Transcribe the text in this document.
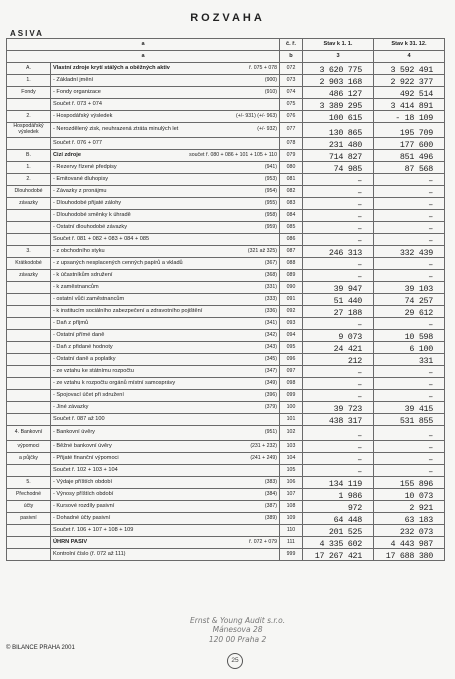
ROZVAHA
ASIVA
a		č. ř.	Stav k 1. 1.	Stav k 31. 12.
a		b	3	4
A.	Vlastní zdroje krytí stálých a oběžných aktiv ř. 075 + 078	072	3 620 775	3 592 491
1.	- Základní jmění (900)	073	2 903 168	2 922 377
Fondy	- Fondy organizace (910)	074	486 127	492 514

	Součet ř. 073 + 074	075	3 389 295	3 414 891
2.	- Hospodářský výsledek (+/- 931) (+/- 963)	076	100 615	- 18 109
Hospodářský výsledek	- Nerozdělený zisk, neuhrazená ztráta minulých let (+/- 932)	077	130 865	195 709

	Součet ř. 076 + 077	078	231 480	177 600
B.	Cizí zdroje součet ř. 080 + 086 + 101 + 105 + 110	079	714 827	851 496
1.	- Rezervy řízené předpisy (941)	080	74 985	87 568
2.	- Emitované dluhopisy (953)	081	–	–
Dlouhodobé	- Závazky z pronájmu (954)	082	–	–
závazky	- Dlouhodobé přijaté zálohy (955)	083	–	–

	- Dlouhodobé směnky k úhradě (958)	084	–	–

	- Ostatní dlouhodobé závazky (959)	085	–	–

	Součet ř. 081 + 082 + 083 + 084 + 085	086	–	–
3.	- z obchodního styku (321 až 325)	087	246 313	332 439
Krátkodobé	- z upsaných nesplacených cenných papírů a vkladů (367)	088	–	–
závazky	- k účastníkům sdružení (368)	089	–	–

	- k zaměstnancům (331)	090	39 947	39 103

	- ostatní vůči zaměstnancům (333)	091	51 440	74 257

	- k institucím sociálního zabezpečení a zdravotního pojištění (336)	092	27 188	29 612

	- Daň z příjmů (341)	093	–	–

	- Ostatní přímé daně (342)	094	9 073	10 598

	- Daň z přidané hodnoty (343)	095	24 421	6 100

	- Ostatní daně a poplatky (345)	096	212	331

	- ze vztahu ke státnímu rozpočtu (347)	097	–	–

	- ze vztahu k rozpočtu orgánů místní samosprávy (349)	098	–	–

	- Spojovací účet při sdružení (396)	099	–	–

	- Jiné závazky (379)	100	39 723	39 415

	Součet ř. 087 až 100	101	438 317	531 855
4. Bankovní	- Bankovní úvěry (951)	102	–	–
výpomoci	- Běžné bankovní úvěry (231 + 232)	103	–	–
a půjčky	- Přijaté finanční výpomoci (241 + 249)	104	–	–

	Součet ř. 102 + 103 + 104	105	–	–
5.	- Výdaje příštích období (383)	106	134 119	155 896
Přechodné	- Výnosy příštích období (384)	107	1 986	10 073
účty	- Kursové rozdíly pasivní (387)	108	972	2 921
pasivní	- Dohadné účty pasivní (389)	109	64 448	63 183

	Součet ř. 106 + 107 + 108 + 109	110	201 525	232 073

	ÚHRN PASIV ř. 072 + 079	111	4 335 602	4 443 987

	Kontrolní číslo (ř. 072 až 111)	999	17 267 421	17 688 380
Ernst & Young Audit s.r.o.
Mánesova 28
120 00 Praha 2
© BILANCE PRAHA 2001
25
